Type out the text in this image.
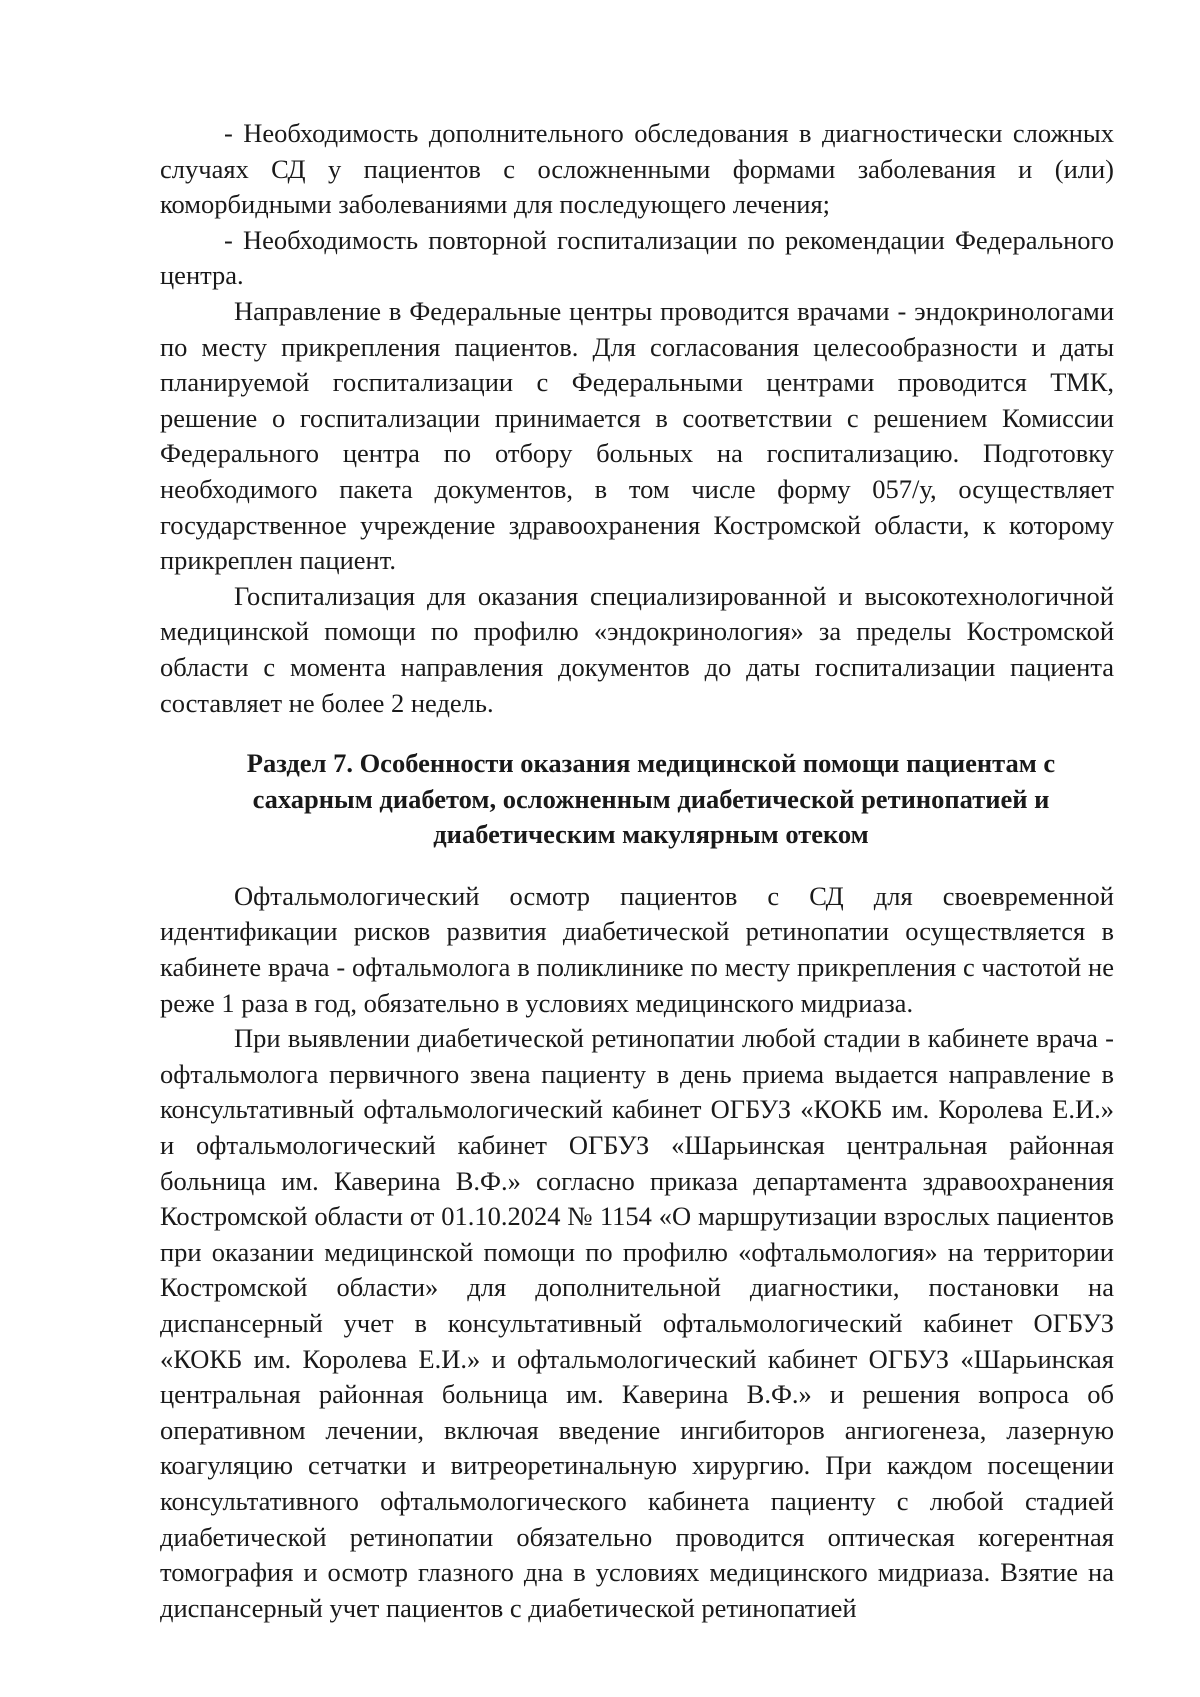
- Необходимость дополнительного обследования в диагностически сложных случаях СД у пациентов с осложненными формами заболевания и (или) коморбидными заболеваниями для последующего лечения;

- Необходимость повторной госпитализации по рекомендации Федерального центра.

Направление в Федеральные центры проводится врачами - эндокринологами по месту прикрепления пациентов. Для согласования целесообразности и даты планируемой госпитализации с Федеральными центрами проводится ТМК, решение о госпитализации принимается в соответствии с решением Комиссии Федерального центра по отбору больных на госпитализацию. Подготовку необходимого пакета документов, в том числе форму 057/у, осуществляет государственное учреждение здравоохранения Костромской области, к которому прикреплен пациент.

Госпитализация для оказания специализированной и высокотехнологичной медицинской помощи по профилю «эндокринология» за пределы Костромской области с момента направления документов до даты госпитализации пациента составляет не более 2 недель.

Раздел 7. Особенности оказания медицинской помощи пациентам с
сахарным диабетом, осложненным диабетической ретинопатией и
диабетическим макулярным отеком

Офтальмологический осмотр пациентов с СД для своевременной идентификации рисков развития диабетической ретинопатии осуществляется в кабинете врача - офтальмолога в поликлинике по месту прикрепления с частотой не реже 1 раза в год, обязательно в условиях медицинского мидриаза.

При выявлении диабетической ретинопатии любой стадии в кабинете врача - офтальмолога первичного звена пациенту в день приема выдается направление в консультативный офтальмологический кабинет ОГБУЗ «КОКБ им. Королева Е.И.» и офтальмологический кабинет ОГБУЗ «Шарьинская центральная районная больница им. Каверина В.Ф.» согласно приказа департамента здравоохранения Костромской области от 01.10.2024 № 1154 «О маршрутизации взрослых пациентов при оказании медицинской помощи по профилю «офтальмология» на территории Костромской области» для дополнительной диагностики, постановки на диспансерный учет в консультативный офтальмологический кабинет ОГБУЗ «КОКБ им. Королева Е.И.» и офтальмологический кабинет ОГБУЗ «Шарьинская центральная районная больница им. Каверина В.Ф.» и решения вопроса об оперативном лечении, включая введение ингибиторов ангиогенеза, лазерную коагуляцию сетчатки и витреоретинальную хирургию. При каждом посещении консультативного офтальмологического кабинета пациенту с любой стадией диабетической ретинопатии обязательно проводится оптическая когерентная томография и осмотр глазного дна в условиях медицинского мидриаза. Взятие на диспансерный учет пациентов с диабетической ретинопатией
